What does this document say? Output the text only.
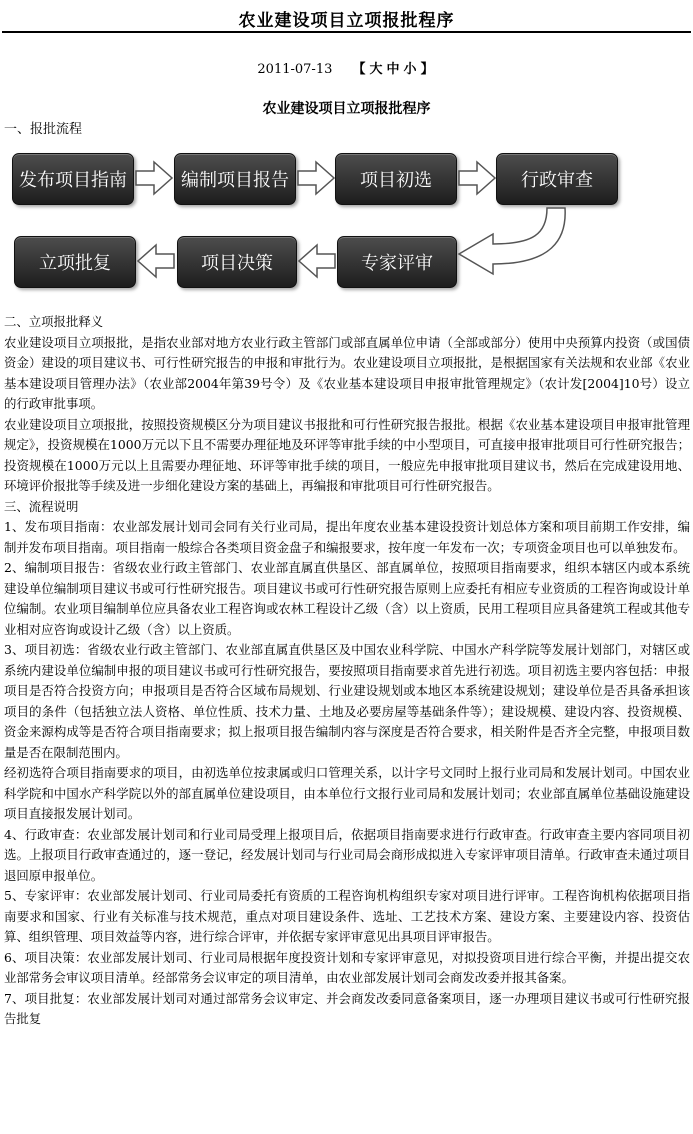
农业建设项目立项报批程序
2011-07-13 【 大 中 小 】
农业建设项目立项报批程序
一、报批流程
发布项目指南	编制项目报告	项目初选	行政审查
专家评审
项目决策
立项批复

二、立项报批释义

农业建设项目立项报批，是指农业部对地方农业行政主管部门或部直属单位申请（全部或部分）使用中央预算内投资（或国债资金）建设的项目建议书、可行性研究报告的申报和审批行为。农业建设项目立项报批，是根据国家有关法规和农业部《农业基本建设项目管理办法》（农业部2004年第39号令）及《农业基本建设项目申报审批管理规定》（农计发[2004]10号）设立的行政审批事项。

农业建设项目立项报批，按照投资规模区分为项目建议书报批和可行性研究报告报批。根据《农业基本建设项目申报审批管理规定》，投资规模在1000万元以下且不需要办理征地及环评等审批手续的中小型项目，可直接申报审批项目可行性研究报告；投资规模在1000万元以上且需要办理征地、环评等审批手续的项目，一般应先申报审批项目建议书，然后在完成建设用地、环境评价报批等手续及进一步细化建设方案的基础上，再编报和审批项目可行性研究报告。

三、流程说明

1、发布项目指南：农业部发展计划司会同有关行业司局，提出年度农业基本建设投资计划总体方案和项目前期工作安排，编制并发布项目指南。项目指南一般综合各类项目资金盘子和编报要求，按年度一年发布一次；专项资金项目也可以单独发布。

2、编制项目报告：省级农业行政主管部门、农业部直属直供垦区、部直属单位，按照项目指南要求，组织本辖区内或本系统建设单位编制项目建议书或可行性研究报告。项目建议书或可行性研究报告原则上应委托有相应专业资质的工程咨询或设计单位编制。农业项目编制单位应具备农业工程咨询或农林工程设计乙级（含）以上资质，民用工程项目应具备建筑工程或其他专业相对应咨询或设计乙级（含）以上资质。

3、项目初选：省级农业行政主管部门、农业部直属直供垦区及中国农业科学院、中国水产科学院等发展计划部门，对辖区或系统内建设单位编制申报的项目建议书或可行性研究报告，要按照项目指南要求首先进行初选。项目初选主要内容包括：申报项目是否符合投资方向；申报项目是否符合区域布局规划、行业建设规划或本地区本系统建设规划；建设单位是否具备承担该项目的条件（包括独立法人资格、单位性质、技术力量、土地及必要房屋等基础条件等）；建设规模、建设内容、投资规模、资金来源构成等是否符合项目指南要求；拟上报项目报告编制内容与深度是否符合要求，相关附件是否齐全完整，申报项目数量是否在限制范围内。

经初选符合项目指南要求的项目，由初选单位按隶属或归口管理关系，以计字号文同时上报行业司局和发展计划司。中国农业科学院和中国水产科学院以外的部直属单位建设项目，由本单位行文报行业司局和发展计划司；农业部直属单位基础设施建设项目直接报发展计划司。

4、行政审查：农业部发展计划司和行业司局受理上报项目后，依据项目指南要求进行行政审查。行政审查主要内容同项目初选。上报项目行政审查通过的，逐一登记，经发展计划司与行业司局会商形成拟进入专家评审项目清单。行政审查未通过项目退回原申报单位。

5、专家评审：农业部发展计划司、行业司局委托有资质的工程咨询机构组织专家对项目进行评审。工程咨询机构依据项目指南要求和国家、行业有关标准与技术规范，重点对项目建设条件、选址、工艺技术方案、建设方案、主要建设内容、投资估算、组织管理、项目效益等内容，进行综合评审，并依据专家评审意见出具项目评审报告。

6、项目决策：农业部发展计划司、行业司局根据年度投资计划和专家评审意见，对拟投资项目进行综合平衡，并提出提交农业部常务会审议项目清单。经部常务会议审定的项目清单，由农业部发展计划司会商发改委并报其备案。

7、项目批复：农业部发展计划司对通过部常务会议审定、并会商发改委同意备案项目，逐一办理项目建议书或可行性研究报告批复
